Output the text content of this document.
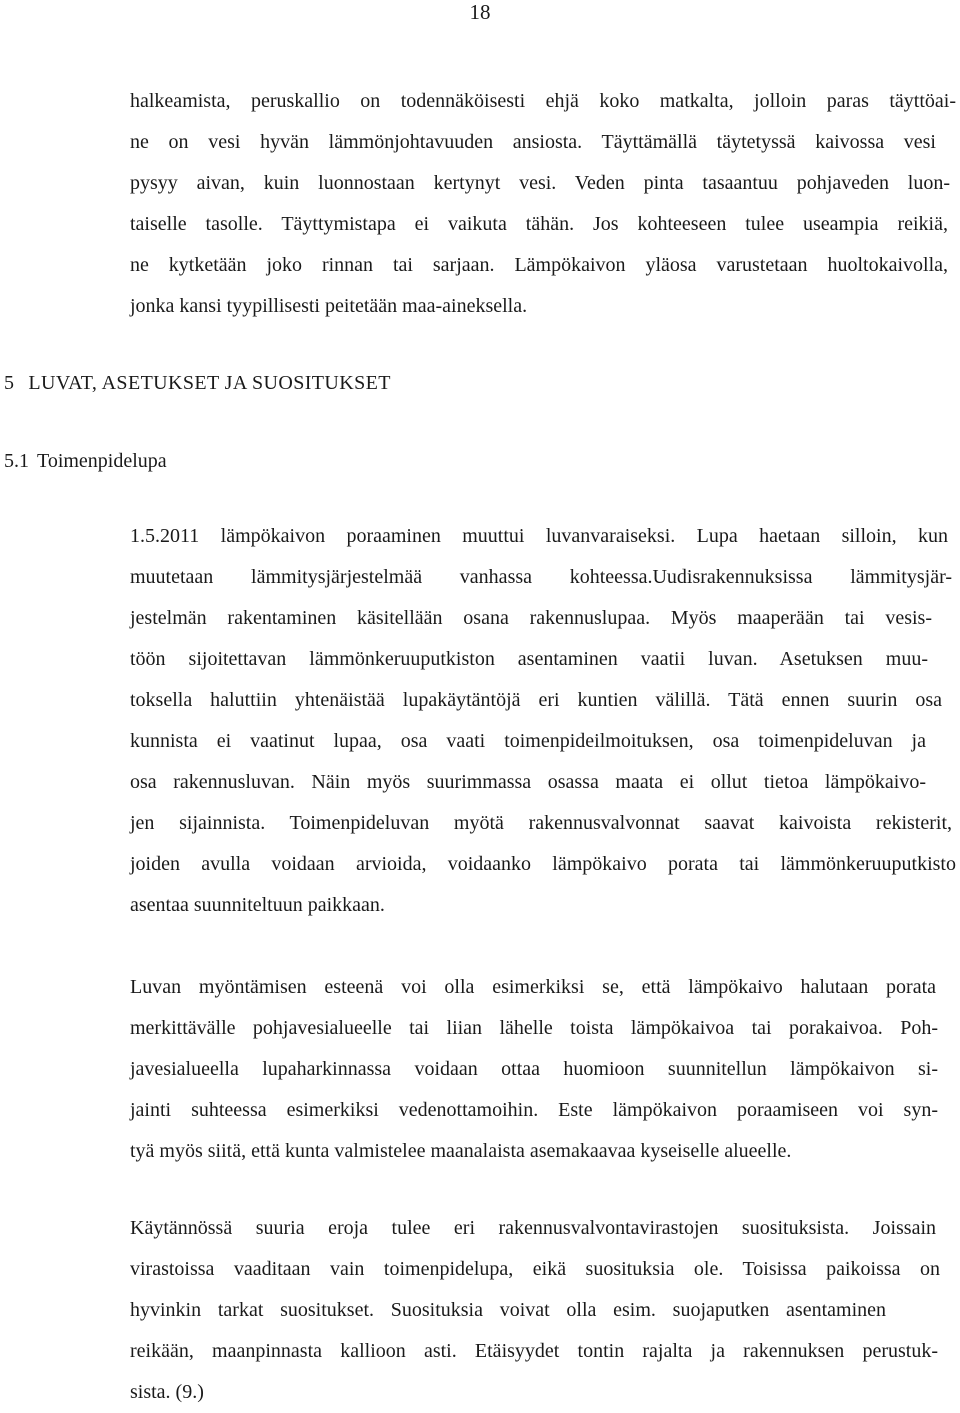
18
halkeamista, peruskallio on todennäköisesti ehjä koko matkalta, jolloin paras täyttöai-
ne on vesi hyvän lämmönjohtavuuden ansiosta. Täyttämällä täytetyssä kaivossa vesi
pysyy aivan, kuin luonnostaan kertynyt vesi. Veden pinta tasaantuu pohjaveden luon-
taiselle tasolle. Täyttymistapa ei vaikuta tähän. Jos kohteeseen tulee useampia reikiä,
ne kytketään joko rinnan tai sarjaan. Lämpökaivon yläosa varustetaan huoltokaivolla,
jonka kansi tyypillisesti peitetään maa-aineksella.
5 LUVAT, ASETUKSET JA SUOSITUKSET
5.1 Toimenpidelupa
1.5.2011 lämpökaivon poraaminen muuttui luvanvaraiseksi. Lupa haetaan silloin, kun
muutetaan lämmitysjärjestelmää vanhassa kohteessa.Uudisrakennuksissa lämmitysjär-
jestelmän rakentaminen käsitellään osana rakennuslupaa. Myös maaperään tai vesis-
töön sijoitettavan lämmönkeruuputkiston asentaminen vaatii luvan. Asetuksen muu-
toksella haluttiin yhtenäistää lupakäytäntöjä eri kuntien välillä. Tätä ennen suurin osa
kunnista ei vaatinut lupaa, osa vaati toimenpideilmoituksen, osa toimenpideluvan ja
osa rakennusluvan. Näin myös suurimmassa osassa maata ei ollut tietoa lämpökaivo-
jen sijainnista. Toimenpideluvan myötä rakennusvalvonnat saavat kaivoista rekisterit,
joiden avulla voidaan arvioida, voidaanko lämpökaivo porata tai lämmönkeruuputkisto
asentaa suunniteltuun paikkaan.
Luvan myöntämisen esteenä voi olla esimerkiksi se, että lämpökaivo halutaan porata
merkittävälle pohjavesialueelle tai liian lähelle toista lämpökaivoa tai porakaivoa. Poh-
javesialueella lupaharkinnassa voidaan ottaa huomioon suunnitellun lämpökaivon si-
jainti suhteessa esimerkiksi vedenottamoihin. Este lämpökaivon poraamiseen voi syn-
tyä myös siitä, että kunta valmistelee maanalaista asemakaavaa kyseiselle alueelle.
Käytännössä suuria eroja tulee eri rakennusvalvontavirastojen suosituksista. Joissain
virastoissa vaaditaan vain toimenpidelupa, eikä suosituksia ole. Toisissa paikoissa on
hyvinkin tarkat suositukset. Suosituksia voivat olla esim. suojaputken asentaminen
reikään, maanpinnasta kallioon asti. Etäisyydet tontin rajalta ja rakennuksen perustuk-
sista. (9.)
